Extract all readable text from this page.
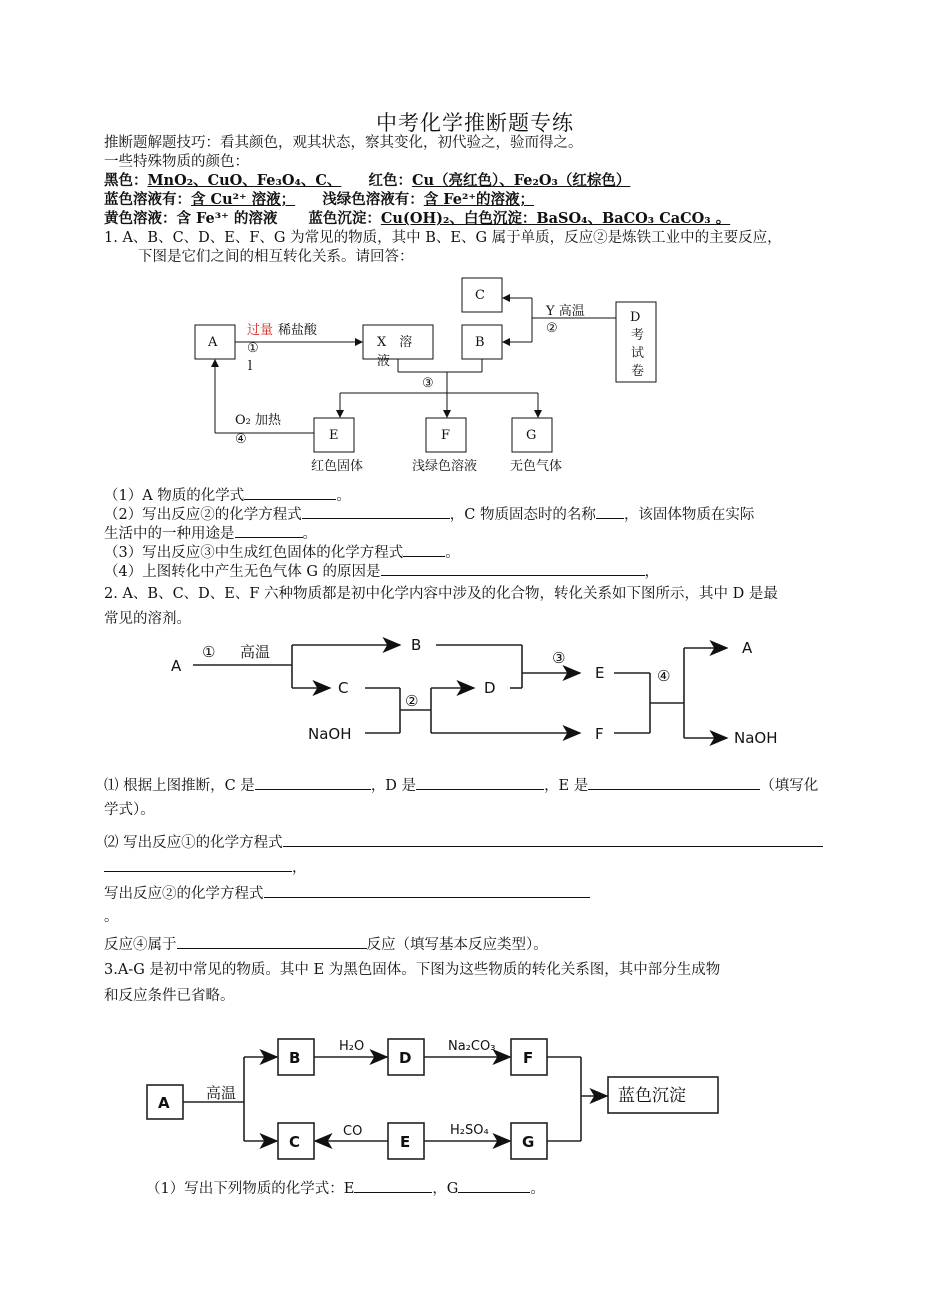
中考化学推断题专练
推断题解题技巧：看其颜色，观其状态，察其变化，初代验之，验而得之。
一些特殊物质的颜色：
黑色：MnO₂、CuO、Fe₃O₄、C、 红色：Cu（亮红色）、Fe₂O₃（红棕色）
蓝色溶液有：含 Cu²⁺ 溶液； 浅绿色溶液有：含 Fe²⁺的溶液；
黄色溶液：含 Fe³⁺ 的溶液 蓝色沉淀：Cu(OH)₂、白色沉淀：BaSO₄、BaCO₃ CaCO₃ 。
1. A、B、C、D、E、F、G 为常见的物质，其中 B、E、G 属于单质，反应②是炼铁工业中的主要反应，
下图是它们之间的相互转化关系。请回答：
A	X　溶
液
B
C
D
考
试
卷
E	F	G
过量 稀盐酸
①
l
Y 高温
②
③
O₂ 加热
④
红色固体	浅绿色溶液	无色气体
A
① 高温	B
C
NaOH
②
D
③
E
F
④
A
NaOH
A
高温
B	D	F
C	E	G
H₂O	Na₂CO₃
CO	H₂SO₄
蓝色沉淀
（1）A 物质的化学式	。
（2）写出反应②的化学方程式	，C 物质固态时的名称 ，该固体物质在实际
生活中的一种用途是	。
（3）写出反应③中生成红色固体的化学方程式	。
（4）上图转化中产生无色气体 G 的原因是	，
2. A、B、C、D、E、F 六种物质都是初中化学内容中涉及的化合物，转化关系如下图所示，其中 D 是最
常见的溶剂。
⑴ 根据上图推断，C 是	，D 是	，E 是	（填写化
学式）。
⑵ 写出反应①的化学方程式
，
写出反应②的化学方程式
。
反应④属于	反应（填写基本反应类型）。
3.A-G 是初中常见的物质。其中 E 为黑色固体。下图为这些物质的转化关系图，其中部分生成物
和反应条件已省略。
（1）写出下列物质的化学式：E	，G	。
